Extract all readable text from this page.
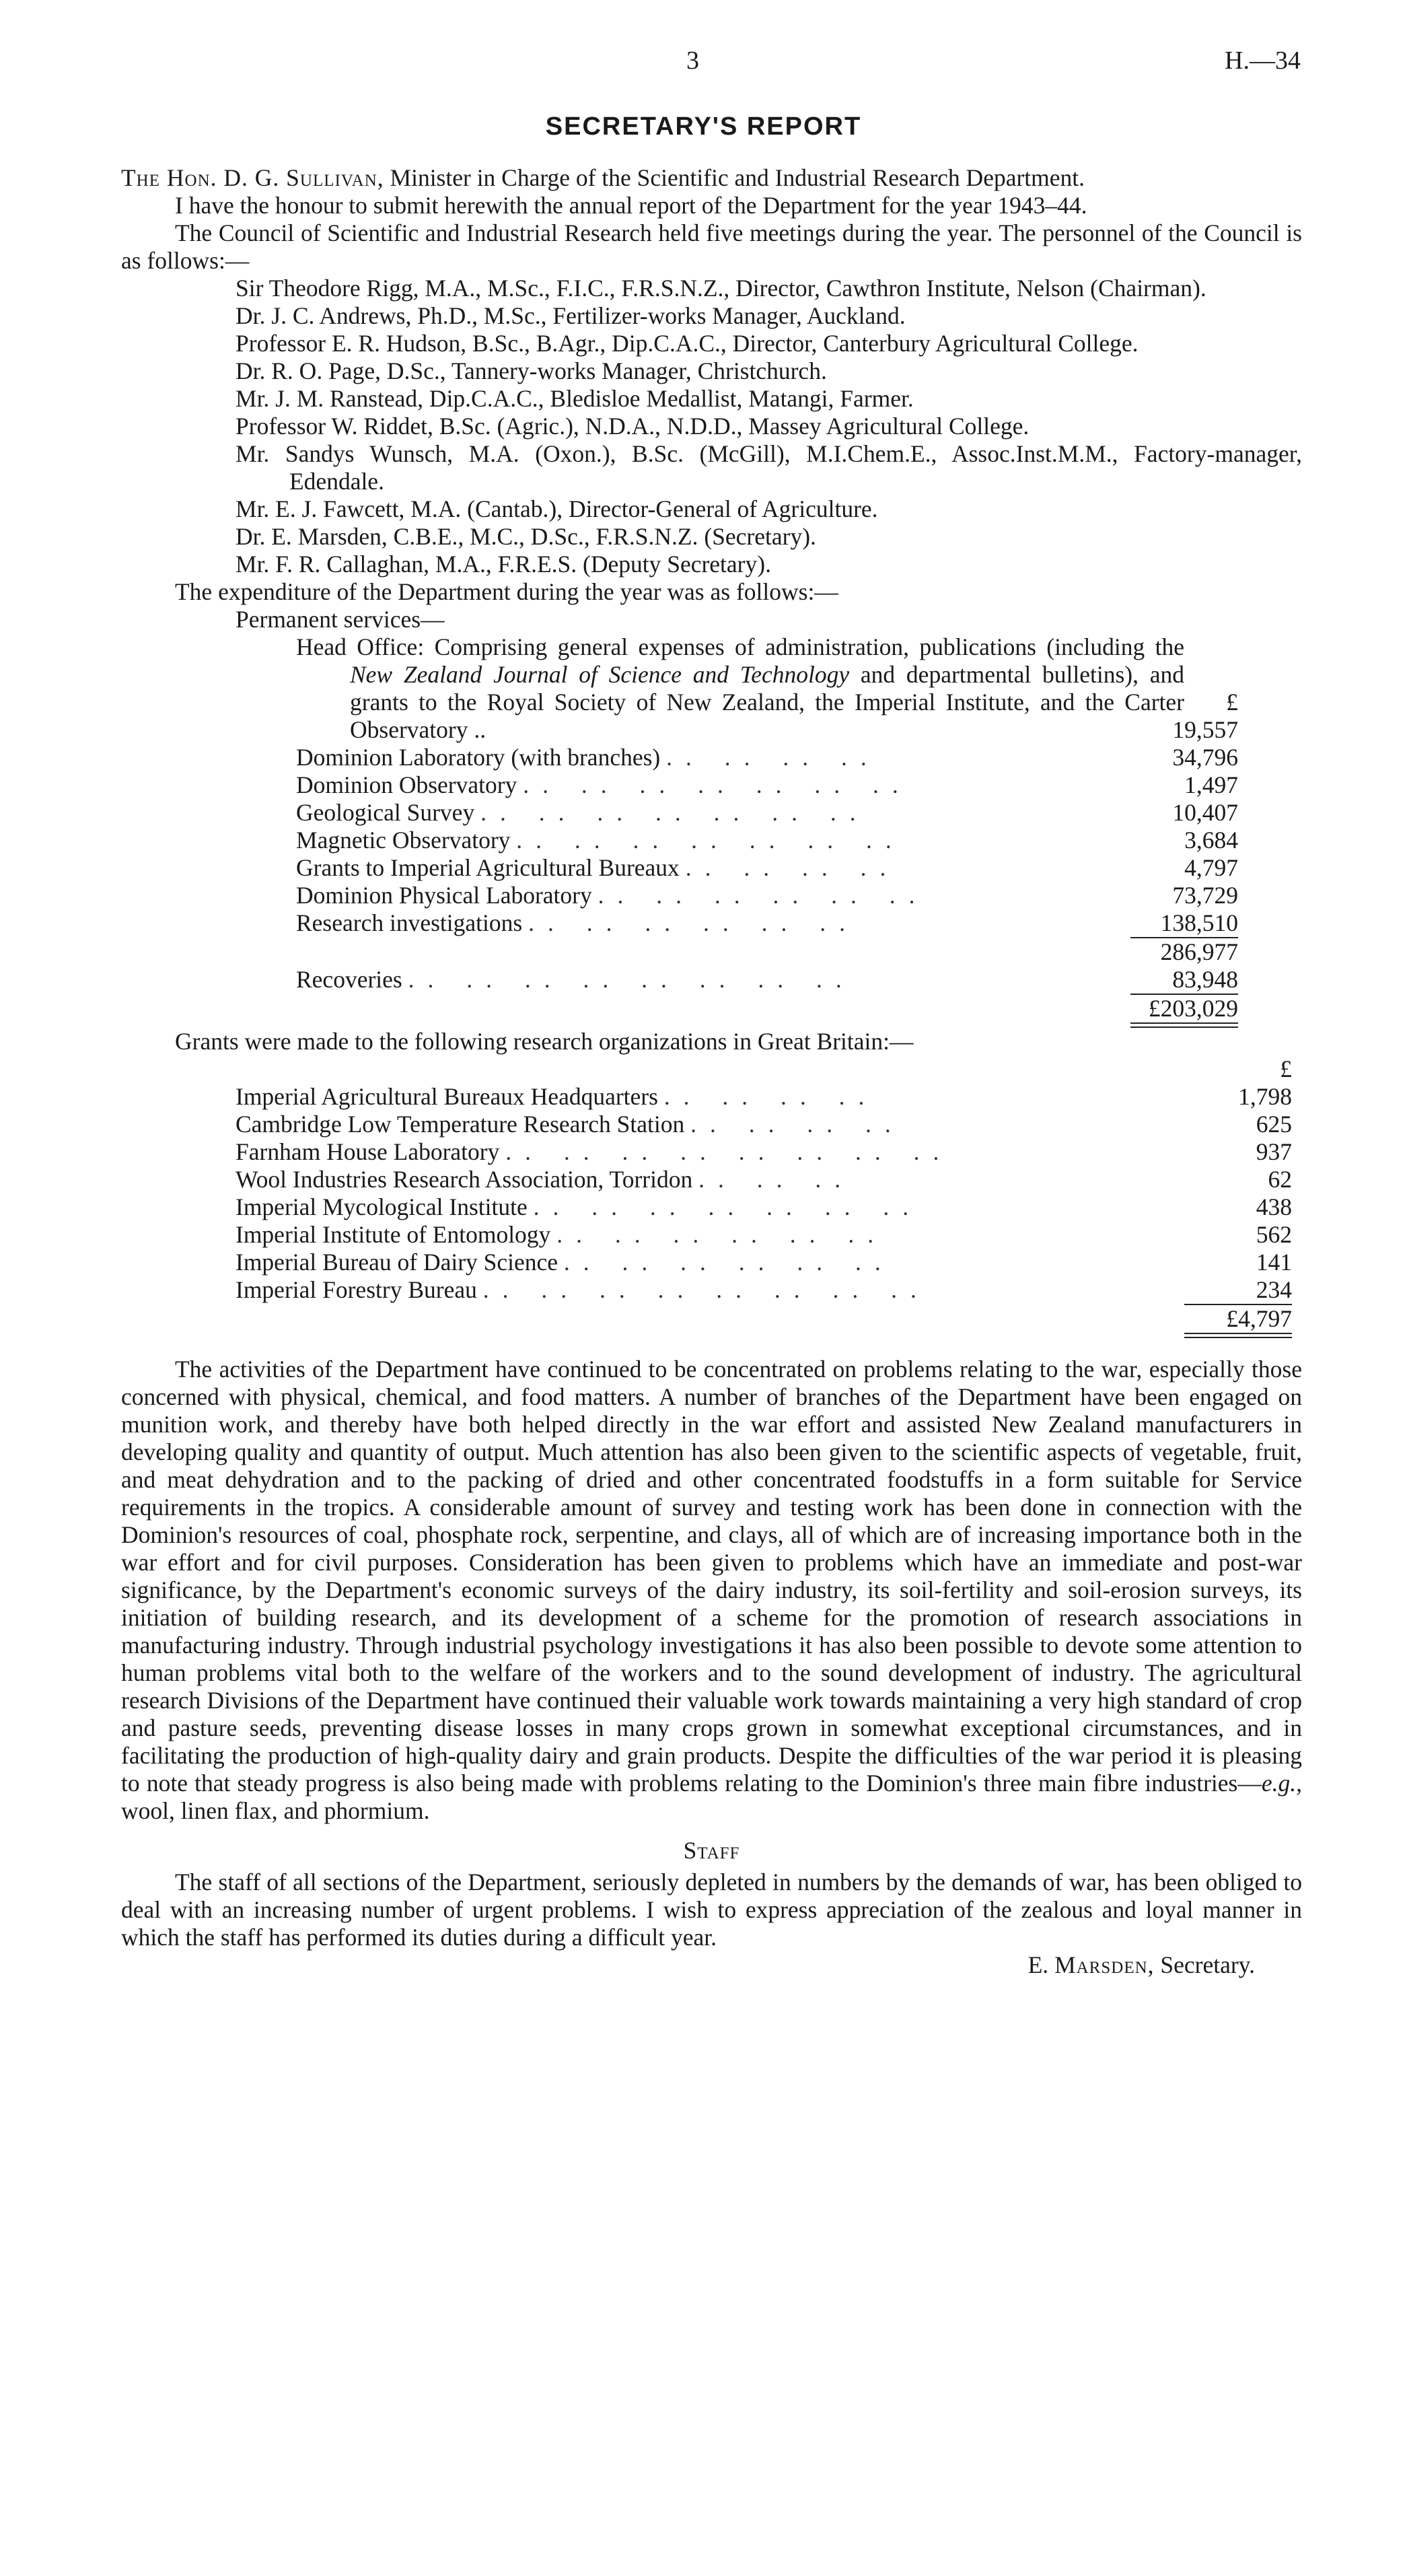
3	H.—34
SECRETARY'S REPORT

The Hon. D. G. Sullivan, Minister in Charge of the Scientific and Industrial Research Department.

I have the honour to submit herewith the annual report of the Department for the year 1943–44.

The Council of Scientific and Industrial Research held five meetings during the year. The personnel of the Council is as follows:—

Sir Theodore Rigg, M.A., M.Sc., F.I.C., F.R.S.N.Z., Director, Cawthron Institute, Nelson (Chairman).
Dr. J. C. Andrews, Ph.D., M.Sc., Fertilizer-works Manager, Auckland.
Professor E. R. Hudson, B.Sc., B.Agr., Dip.C.A.C., Director, Canterbury Agricultural College.
Dr. R. O. Page, D.Sc., Tannery-works Manager, Christchurch.
Mr. J. M. Ranstead, Dip.C.A.C., Bledisloe Medallist, Matangi, Farmer.
Professor W. Riddet, B.Sc. (Agric.), N.D.A., N.D.D., Massey Agricultural College.
Mr. Sandys Wunsch, M.A. (Oxon.), B.Sc. (McGill), M.I.Chem.E., Assoc.Inst.M.M., Factory-manager, Edendale.
Mr. E. J. Fawcett, M.A. (Cantab.), Director-General of Agriculture.
Dr. E. Marsden, C.B.E., M.C., D.Sc., F.R.S.N.Z. (Secretary).
Mr. F. R. Callaghan, M.A., F.R.E.S. (Deputy Secretary).

The expenditure of the Department during the year was as follows:—

Permanent services—
Head Office: Comprising general expenses of administration, publications (including the New Zealand Journal of Science and Technology and departmental bulletins), and grants to the Royal Society of New Zealand, the Imperial Institute, and the Carter Observatory ..
£
19,557
Dominion Laboratory (with branches) .. .. .. ..	34,796
Dominion Observatory .. .. .. .. .. .. ..	1,497
Geological Survey .. .. .. .. .. .. ..	10,407
Magnetic Observatory .. .. .. .. .. .. ..	3,684
Grants to Imperial Agricultural Bureaux .. .. .. ..	4,797
Dominion Physical Laboratory .. .. .. .. .. ..	73,729
Research investigations .. .. .. .. .. ..	138,510
286,977
Recoveries .. .. .. .. .. .. .. ..	83,948
£203,029

Grants were made to the following research organizations in Great Britain:—

£
Imperial Agricultural Bureaux Headquarters .. .. .. ..	1,798
Cambridge Low Temperature Research Station .. .. .. ..	625
Farnham House Laboratory .. .. .. .. .. .. .. ..	937
Wool Industries Research Association, Torridon .. .. ..	62
Imperial Mycological Institute .. .. .. .. .. .. ..	438
Imperial Institute of Entomology .. .. .. .. .. ..	562
Imperial Bureau of Dairy Science .. .. .. .. .. ..	141
Imperial Forestry Bureau .. .. .. .. .. .. .. ..	234
£4,797

The activities of the Department have continued to be concentrated on problems relating to the war, especially those concerned with physical, chemical, and food matters. A number of branches of the Department have been engaged on munition work, and thereby have both helped directly in the war effort and assisted New Zealand manufacturers in developing quality and quantity of output. Much attention has also been given to the scientific aspects of vegetable, fruit, and meat dehydration and to the packing of dried and other concentrated foodstuffs in a form suitable for Service requirements in the tropics. A considerable amount of survey and testing work has been done in connection with the Dominion's resources of coal, phosphate rock, serpentine, and clays, all of which are of increasing importance both in the war effort and for civil purposes. Consideration has been given to problems which have an immediate and post-war significance, by the Department's economic surveys of the dairy industry, its soil-fertility and soil-erosion surveys, its initiation of building research, and its development of a scheme for the promotion of research associations in manufacturing industry. Through industrial psychology investigations it has also been possible to devote some attention to human problems vital both to the welfare of the workers and to the sound development of industry. The agricultural research Divisions of the Department have continued their valuable work towards maintaining a very high standard of crop and pasture seeds, preventing disease losses in many crops grown in somewhat exceptional circumstances, and in facilitating the production of high-quality dairy and grain products. Despite the difficulties of the war period it is pleasing to note that steady progress is also being made with problems relating to the Dominion's three main fibre industries—e.g., wool, linen flax, and phormium.

Staff

The staff of all sections of the Department, seriously depleted in numbers by the demands of war, has been obliged to deal with an increasing number of urgent problems. I wish to express appreciation of the zealous and loyal manner in which the staff has performed its duties during a difficult year.

E. Marsden, Secretary.
